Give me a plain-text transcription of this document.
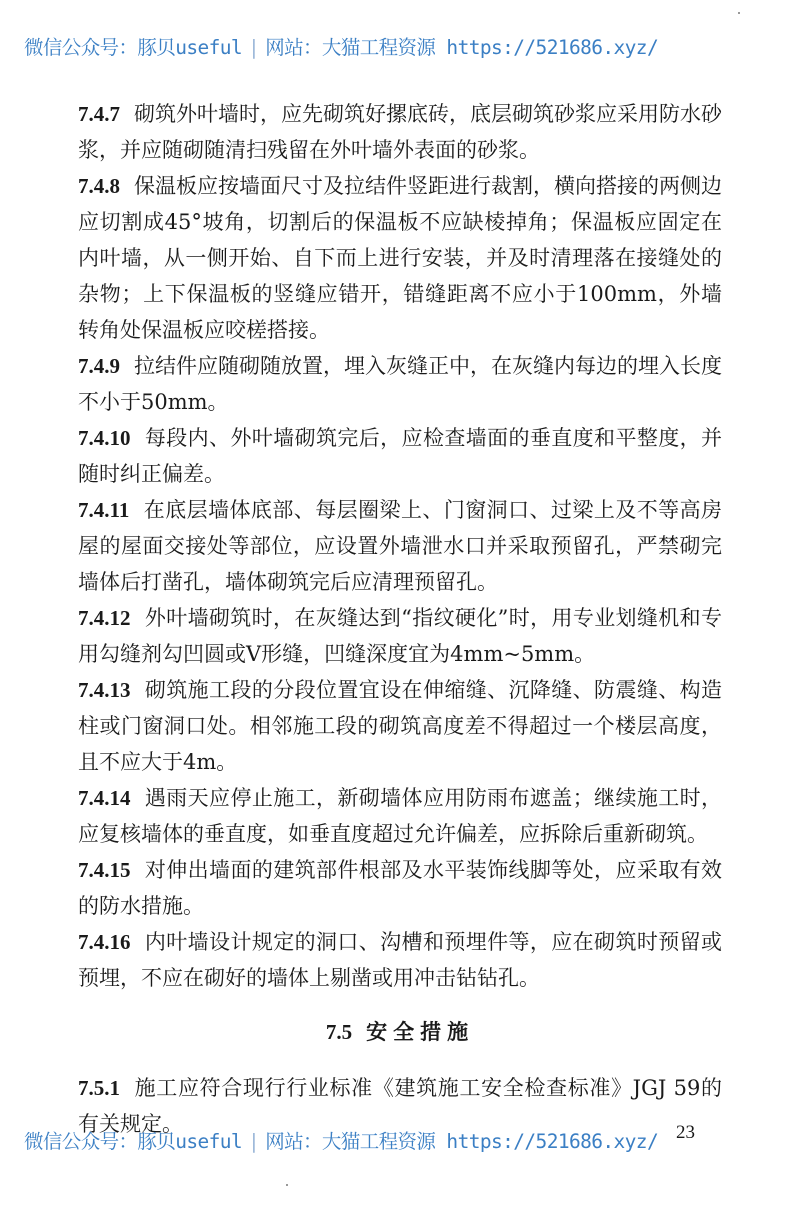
微信公众号：豚贝useful | 网站：大猫工程资源 https://521686.xyz/

7.4.7 砌筑外叶墙时，应先砌筑好摞底砖，底层砌筑砂浆应采用防水砂浆，并应随砌随清扫残留在外叶墙外表面的砂浆。

7.4.8 保温板应按墙面尺寸及拉结件竖距进行裁割，横向搭接的两侧边应切割成45°坡角，切割后的保温板不应缺棱掉角；保温板应固定在内叶墙，从一侧开始、自下而上进行安装，并及时清理落在接缝处的杂物；上下保温板的竖缝应错开，错缝距离不应小于100mm，外墙转角处保温板应咬槎搭接。

7.4.9 拉结件应随砌随放置，埋入灰缝正中，在灰缝内每边的埋入长度不小于50mm。

7.4.10 每段内、外叶墙砌筑完后，应检查墙面的垂直度和平整度，并随时纠正偏差。

7.4.11 在底层墙体底部、每层圈梁上、门窗洞口、过梁上及不等高房屋的屋面交接处等部位，应设置外墙泄水口并采取预留孔，严禁砌完墙体后打凿孔，墙体砌筑完后应清理预留孔。

7.4.12 外叶墙砌筑时，在灰缝达到“指纹硬化”时，用专业划缝机和专用勾缝剂勾凹圆或V形缝，凹缝深度宜为4mm~5mm。

7.4.13 砌筑施工段的分段位置宜设在伸缩缝、沉降缝、防震缝、构造柱或门窗洞口处。相邻施工段的砌筑高度差不得超过一个楼层高度，且不应大于4m。

7.4.14 遇雨天应停止施工，新砌墙体应用防雨布遮盖；继续施工时，应复核墙体的垂直度，如垂直度超过允许偏差，应拆除后重新砌筑。

7.4.15 对伸出墙面的建筑部件根部及水平装饰线脚等处，应采取有效的防水措施。

7.4.16 内叶墙设计规定的洞口、沟槽和预埋件等，应在砌筑时预留或预埋，不应在砌好的墙体上剔凿或用冲击钻钻孔。

7.5 安全措施

7.5.1 施工应符合现行行业标准《建筑施工安全检查标准》JGJ 59的有关规定。

微信公众号：豚贝useful | 网站：大猫工程资源 https://521686.xyz/ 23
